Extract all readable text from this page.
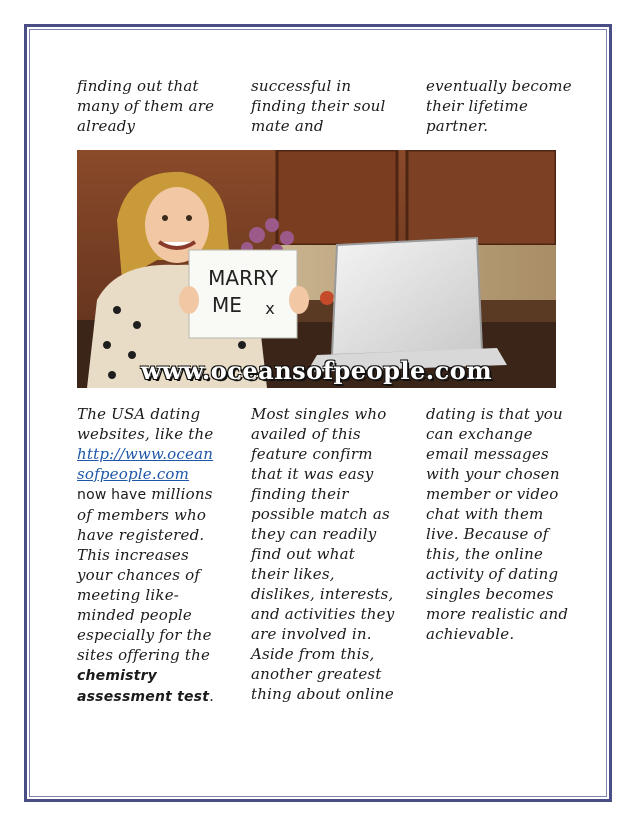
finding out that many of them are already

successful in finding their soul mate and

eventually become their lifetime partner.

MARRY
ME x
www.oceansofpeople.com

The USA dating websites, like the http://www.oceansofpeople.com
now have millions of members who have registered. This increases your chances of meeting like-minded people especially for the sites offering the chemistry assessment test.

Most singles who availed of this feature confirm that it was easy finding their possible match as they can readily find out what their likes, dislikes, interests, and activities they are involved in. Aside from this, another greatest thing about online

dating is that you can exchange email messages with your chosen member or video chat with them live. Because of this, the online activity of dating singles becomes more realistic and achievable.
